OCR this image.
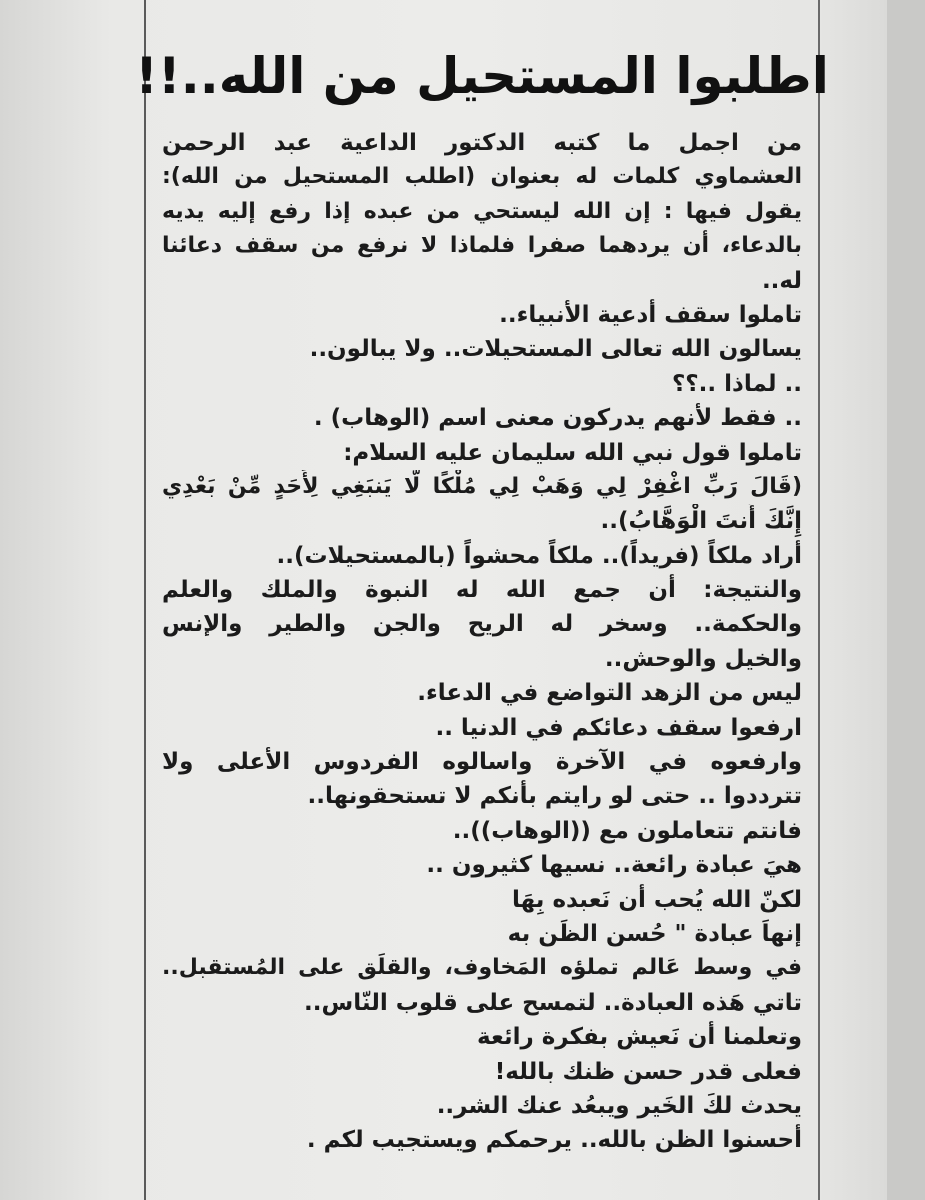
اطلبوا المستحيل من الله..!!
من اجمل ما كتبه الدكتور الداعية عبد الرحمن
العشماوي كلمات له بعنوان (اطلب المستحيل من الله):
يقول فيها : إن الله ليستحي من عبده إذا رفع إليه يديه
بالدعاء، أن يردهما صفرا فلماذا لا نرفع من سقف دعائنا
له..
تاملوا سقف أدعية الأنبياء..
يسالون الله تعالى المستحيلات.. ولا يبالون..
.. لماذا ..؟؟
.. فقط لأنهم يدركون معنى اسم (الوهاب) .
تاملوا قول نبي الله سليمان عليه السلام:
(قَالَ رَبِّ اغْفِرْ لِي وَهَبْ لِي مُلْكًا لَّا يَنبَغِي لِأَحَدٍ مِّنْ بَعْدِي
إِنَّكَ أَنتَ الْوَهَّابُ)..
أراد ملكاً (فريداً).. ملكاً محشواً (بالمستحيلات)..
والنتيجة: أن جمع الله له النبوة والملك والعلم
والحكمة.. وسخر له الريح والجن والطير والإنس
والخيل والوحش..
ليس من الزهد التواضع في الدعاء.
ارفعوا سقف دعائكم في الدنيا ..
وارفعوه في الآخرة واسالوه الفردوس الأعلى ولا
تترددوا .. حتى لو رايتم بأنكم لا تستحقونها..
فانتم تتعاملون مع ((الوهاب))..
هيَ عبادة رائعة.. نسيها كثيرون ..
لكنّ الله يُحب أن نَعبده بِهَا
إنهاَ عبادة " حُسن الظَن به
في وسط عَالم تملؤه المَخاوف، والقلَق على المُستقبل..
تاتي هَذه العبادة.. لتمسح على قلوب النّاس..
وتعلمنا أن نَعيش بفكرة رائعة
فعلى قدر حسن ظنك بالله!
يحدث لكَ الخَير ويبعُد عنك الشر..
أحسنوا الظن بالله.. يرحمكم ويستجيب لكم .
